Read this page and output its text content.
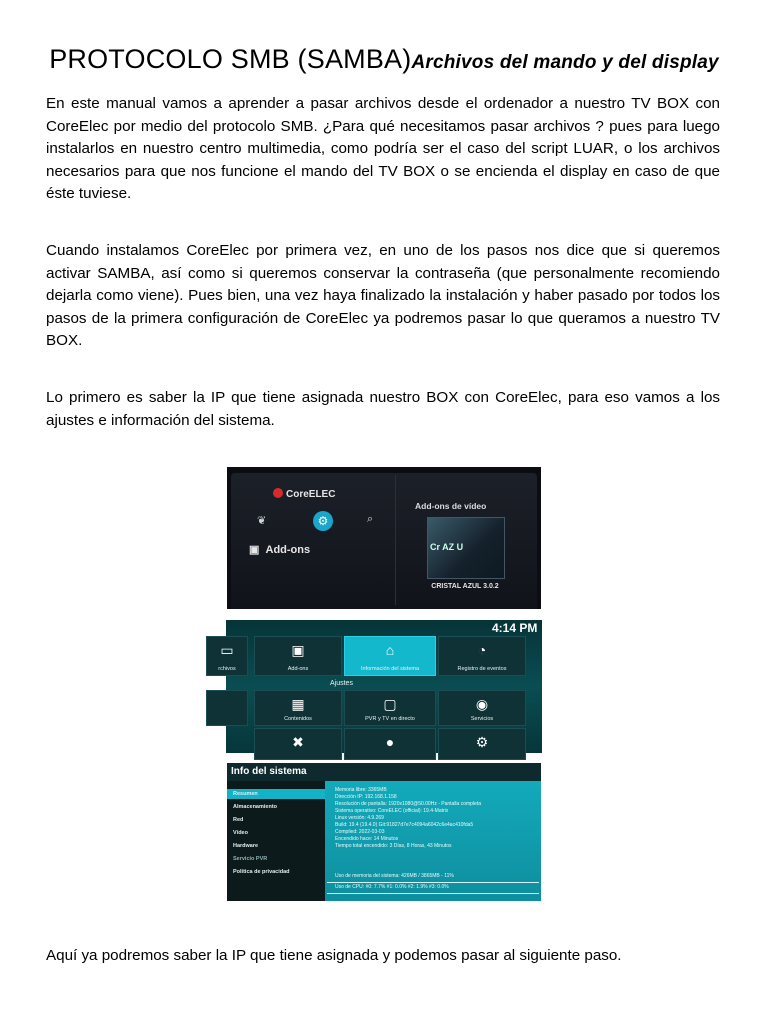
PROTOCOLO SMB (SAMBA)Archivos del mando y del display
En este manual vamos a aprender a pasar archivos desde el ordenador a nuestro TV BOX con CoreElec por medio del protocolo SMB. ¿Para qué necesitamos pasar archivos ? pues para luego instalarlos en nuestro centro multimedia, como podría ser el caso del script LUAR, o los archivos necesarios para que nos funcione el mando del TV BOX o se encienda el display en caso de que éste tuviese.
Cuando instalamos CoreElec por primera vez, en uno de los pasos nos dice que si queremos activar SAMBA, así como si queremos conservar la contraseña (que personalmente recomiendo dejarla como viene). Pues bien, una vez haya finalizado la instalación y haber pasado por todos los pasos de la primera configuración de CoreElec ya podremos pasar lo que queramos a nuestro TV BOX.
Lo primero es saber la IP que tiene asignada nuestro BOX con CoreElec, para eso vamos a los ajustes e información del sistema.
CoreELEC
❦	⚙	⌕
▣  Add-ons
Add-ons de vídeo
Cr AZ U
CRISTAL AZUL 3.0.2
4:14 PM
▭
rchivos
▣
Add-ons
⌂
Información del sistema
◔
Registro de eventos
Ajustes
▦
Contenidos
▢
PVR y TV en directo
◉
Servicios
✖	●	⚙
Info del sistema
Resumen
Almacenamiento
Red
Vídeo
Hardware
Servicio PVR
Política de privacidad
Memoria libre: 3365MB
Dirección IP: 192.168.1.158
Resolución de pantalla: 1920x1080@50.00Hz - Pantalla completa
Sistema operativo: CoreELEC (official): 19.4-Matrix
Linux versión: 4.9.269
Build: 19.4 (19.4.0) Git:91827d7e7c4094a6042c6e4ac410fda5
Compiled: 2022-03-03
Encendido hace: 14 Minutos
Tiempo total encendido: 3 Días, 8 Horas, 43 Minutos
Uso de memoria del sistema: 426MB / 3865MB - 11%
Uso de CPU: #0: 7.7% #1: 0.0% #2: 1.9% #3: 0.0%
Aquí ya podremos saber la IP que tiene asignada y podemos pasar al siguiente paso.
